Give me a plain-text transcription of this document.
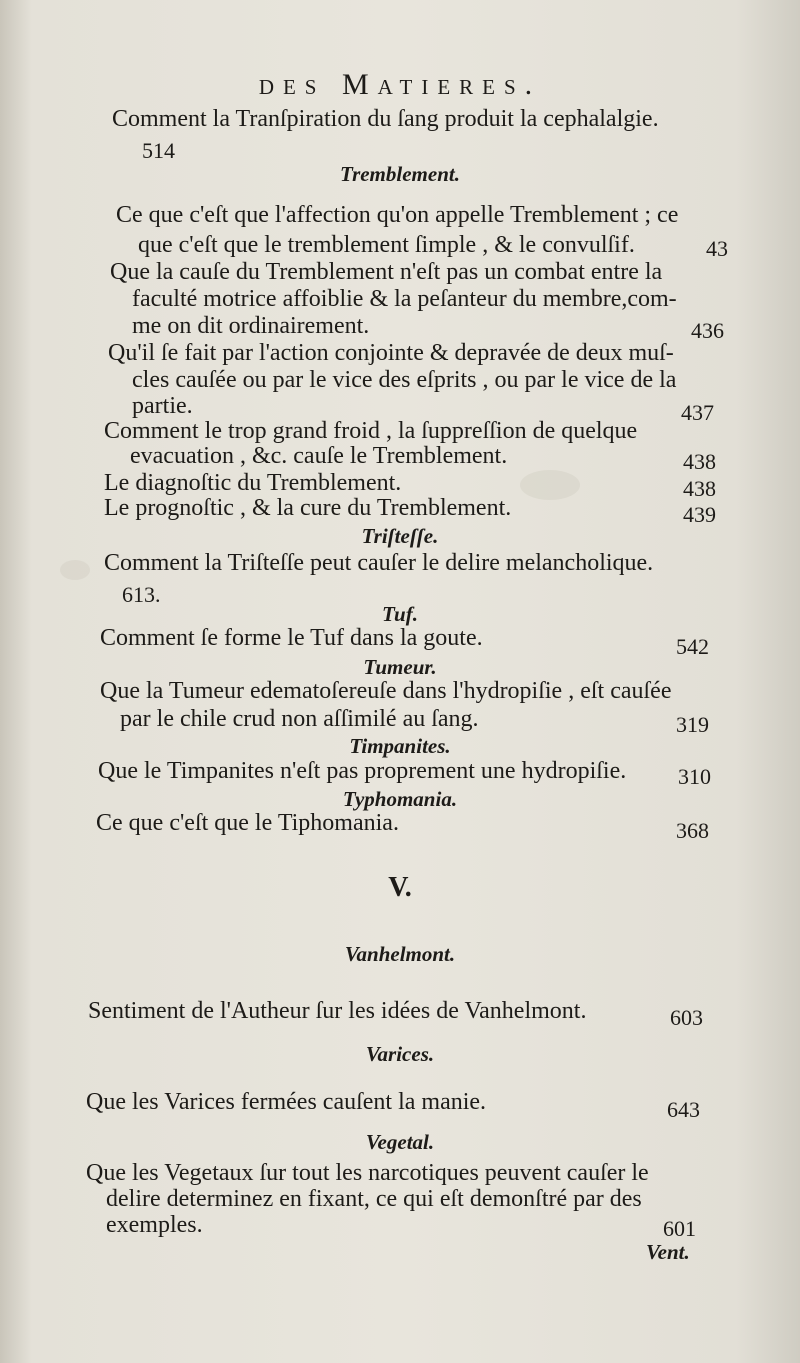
des Matieres.
Comment la Tranſpiration du ſang produit la cephalalgie.
514
Tremblement.
Ce que c'eſt que l'affection qu'on appelle Tremblement ; ce
que c'eſt que le tremblement ſimple , & le convulſif.	43
Que la cauſe du Tremblement n'eſt pas un combat entre la
faculté motrice affoiblie & la peſanteur du membre,com-
me on dit ordinairement.	436
Qu'il ſe fait par l'action conjointe & depravée de deux muſ-
cles cauſée ou par le vice des eſprits , ou par le vice de la
partie.	437
Comment le trop grand froid , la ſuppreſſion de quelque
evacuation , &c. cauſe le Tremblement.	438
Le diagnoſtic du Tremblement.	438
Le prognoſtic , & la cure du Tremblement.	439
Triſteſſe.
Comment la Triſteſſe peut cauſer le delire melancholique.
613.
Tuf.
Comment ſe forme le Tuf dans la goute.	542
Tumeur.
Que la Tumeur edematoſereuſe dans l'hydropiſie , eſt cauſée
par le chile crud non aſſimilé au ſang.	319
Timpanites.
Que le Timpanites n'eſt pas proprement une hydropiſie. 310
Typhomania.
Ce que c'eſt que le Tiphomania.	368
V.
Vanhelmont.
Sentiment de l'Autheur ſur les idées de Vanhelmont.	603
Varices.
Que les Varices fermées cauſent la manie.	643
Vegetal.
Que les Vegetaux ſur tout les narcotiques peuvent cauſer le
delire determinez en fixant, ce qui eſt demonſtré par des
exemples.	601
Vent.
